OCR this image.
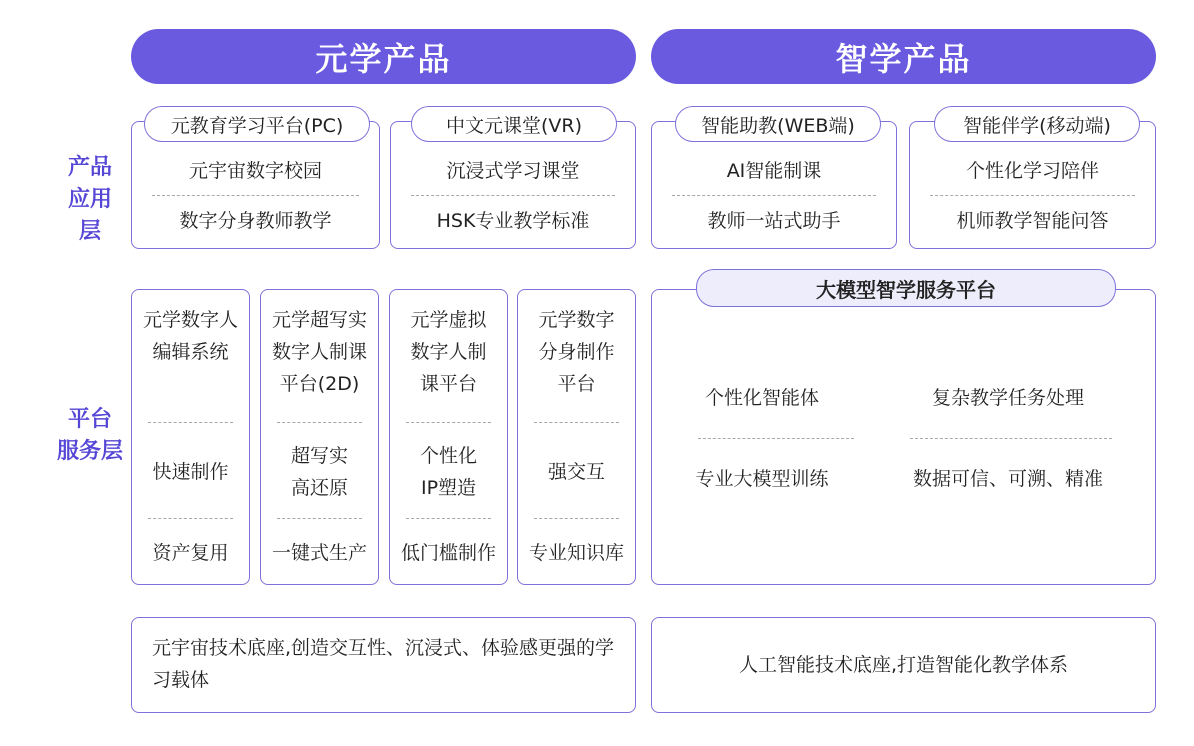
元学产品	智学产品
产品
应用层
平台
服务层
元教育学习平台(PC)
元宇宙数字校园
数字分身教师教学
中文元课堂(VR)
沉浸式学习课堂
HSK专业教学标准
智能助教(WEB端)
AI智能制课
教师一站式助手
智能伴学(移动端)
个性化学习陪伴
机师教学智能问答
元学数字人
编辑系统
快速制作
资产复用
元学超写实
数字人制课
平台(2D)
超写实
高还原
一键式生产
元学虚拟
数字人制
课平台
个性化
IP塑造
低门槛制作
元学数字
分身制作
平台
强交互
专业知识库
大模型智学服务平台
个性化智能体	复杂教学任务处理
专业大模型训练	数据可信、可溯、精准
元宇宙技术底座,创造交互性、沉浸式、体验感更强的学习载体
人工智能技术底座,打造智能化教学体系
